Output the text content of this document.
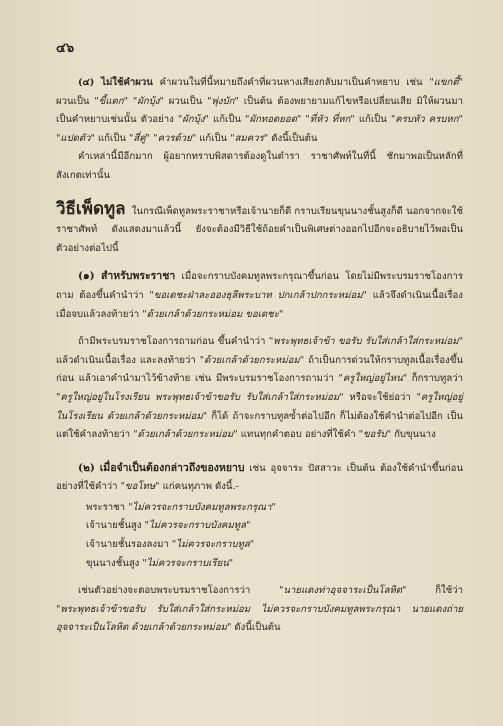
๔๖

(๔) ไม่ใช้คำผวน คำผวนในที่นี้หมายถึงคำที่ผวนหางเสียงกลับมาเป็นคำหยาบ เช่น "แขกตี้" ผวนเป็น "ขี้แตก" "ผักบุ้ง" ผวนเป็น "พุ่งบัก" เป็นต้น ต้องพยายามแก้ไขหรือเปลี่ยนเสีย มิให้ผวนมาเป็นคำหยาบเช่นนั้น ตัวอย่าง "ผักบุ้ง" แก้เป็น "ผักทอดยอด" "ที่หัว ที่หก" แก้เป็น "ครบหัว ครบหก" "แปดตัว" แก้เป็น "สี่คู่" "ควรด้วย" แก้เป็น "สมควร" ดังนี้เป็นต้น

คำเหล่านี้มีอีกมาก ผู้อยากทราบพิสดารต้องดูในตำรา ราชาศัพท์ในที่นี้ ชักมาพอเป็นหลักที่สังเกตเท่านั้น

วิธีเพ็ดทูล ในกรณีเพ็ดทูลพระราชาหรือเจ้านายก็ดี กราบเรียนขุนนางชั้นสูงก็ดี นอกจากจะใช้ราชาศัพท์ ดังแสดงมาแล้วนี้ ยังจะต้องมีวิธีใช้ถ้อยคำเป็นพิเศษต่างออกไปอีกจะอธิบายไว้พอเป็นตัวอย่างต่อไปนี้

(๑) สำหรับพระราชา เมื่อจะกราบบังคมทูลพระกรุณาขึ้นก่อน โดยไม่มีพระบรมราชโองการถาม ต้องขึ้นคำนำว่า "ขอเดชะฝ่าละอองธุลีพระบาท ปกเกล้าปกกระหม่อม" แล้วจึงดำเนินเนื้อเรื่อง เมื่อจบแล้วลงท้ายว่า "ด้วยเกล้าด้วยกระหม่อม ขอเดชะ"

ถ้ามีพระบรมราชโองการถามก่อน ขึ้นคำนำว่า "พระพุทธเจ้าข้า ขอรับ รับใส่เกล้าใส่กระหม่อม" แล้วดำเนินเนื้อเรื่อง และลงท้ายว่า "ด้วยเกล้าด้วยกระหม่อม" ถ้าเป็นการด่วนให้กราบทูลเนื้อเรื่องขึ้นก่อน แล้วเอาคำนำมาไว้ข้างท้าย เช่น มีพระบรมราชโองการถามว่า "ครูใหญ่อยู่ไหน" ก็กราบทูลว่า "ครูใหญ่อยู่ในโรงเรียน พระพุทธเจ้าข้าขอรับ รับใส่เกล้าใส่กระหม่อม" หรือจะใช้ย่อว่า "ครูใหญ่อยู่ในโรงเรียน ด้วยเกล้าด้วยกระหม่อม" ก็ได้ ถ้าจะกราบทูลซ้ำต่อไปอีก ก็ไม่ต้องใช้คำนำต่อไปอีก เป็นแต่ใช้คำลงท้ายว่า "ด้วยเกล้าด้วยกระหม่อม" แทนทุกคำตอบ อย่างที่ใช้คำ "ขอรับ" กับขุนนาง

(๒) เมื่อจำเป็นต้องกล่าวถึงของหยาบ เช่น อุจจาระ ปัสสาวะ เป็นต้น ต้องใช้คำนำขึ้นก่อน อย่างที่ใช้คำว่า "ขอโทษ" แก่คนทุภาพ ดังนี้.-

พระราชา "ไม่ควรจะกราบบังคมทูลพระกรุณา"
เจ้านายชั้นสูง "ไม่ควรจะกราบบังคมทูล"
เจ้านายชั้นรองลงมา "ไม่ควรจะกราบทูล"
ขุนนางชั้นสูง "ไม่ควรจะกราบเรียน"

เช่นตัวอย่างจะตอบพระบรมราชโองการว่า "นายแดงท่าอุจจาระเป็นโลหิต" ก็ใช้ว่า "พระพุทธเจ้าข้าขอรับ รับใส่เกล้าใส่กระหม่อม ไม่ควรจะกราบบังคมทูลพระกรุณา นายแดงถ่ายอุจจาระเป็นโลหิต ด้วยเกล้าด้วยกระหม่อม" ดังนี้เป็นต้น
